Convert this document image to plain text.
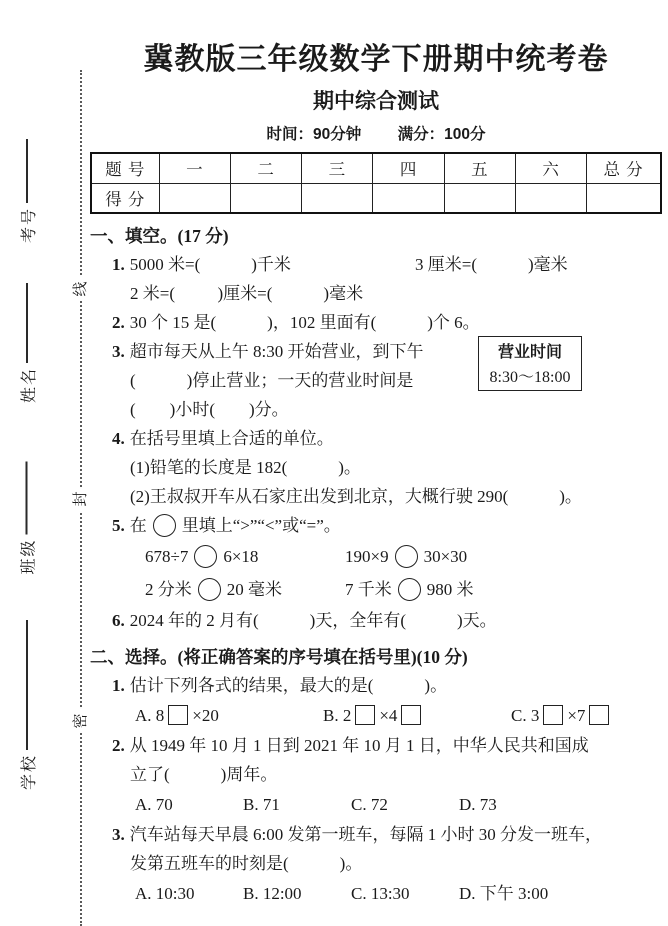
线
封
密
考号
姓名
班级
学校
营业时间
8:30～18:00
冀教版三年级数学下册期中统考卷
期中综合测试
时间：90分钟 满分：100分
题 号	一	二	三	四	五	六	总 分
得 分							
一、填空。(17 分)
1. 5000 米=(            )千米	3 厘米=(            )毫米
2 米=(          )厘米=(            )毫米
2. 30 个 15 是(            )，102 里面有(            )个 6。
3. 超市每天从上午 8:30 开始营业，到下午
(            )停止营业；一天的营业时间是
(        )小时(        )分。
4. 在括号里填上合适的单位。
(1)铅笔的长度是 182(            )。
(2)王叔叔开车从石家庄出发到北京，大概行驶 290(            )。
5. 在 里填上“>”“<”或“=”。
678÷7 6×18	190×9 30×30
2 分米 20 毫米	7 千米 980 米
6. 2024 年的 2 月有(            )天，全年有(            )天。
二、选择。(将正确答案的序号填在括号里)(10 分)
1. 估计下列各式的结果，最大的是(            )。
A. 8 ×20	B. 2 ×4	C. 3 ×7
2. 从 1949 年 10 月 1 日到 2021 年 10 月 1 日，中华人民共和国成
立了(            )周年。
A. 70	B. 71	C. 72	D. 73
3. 汽车站每天早晨 6:00 发第一班车，每隔 1 小时 30 分发一班车，
发第五班车的时刻是(            )。
A. 10:30	B. 12:00	C. 13:30	D. 下午 3:00
